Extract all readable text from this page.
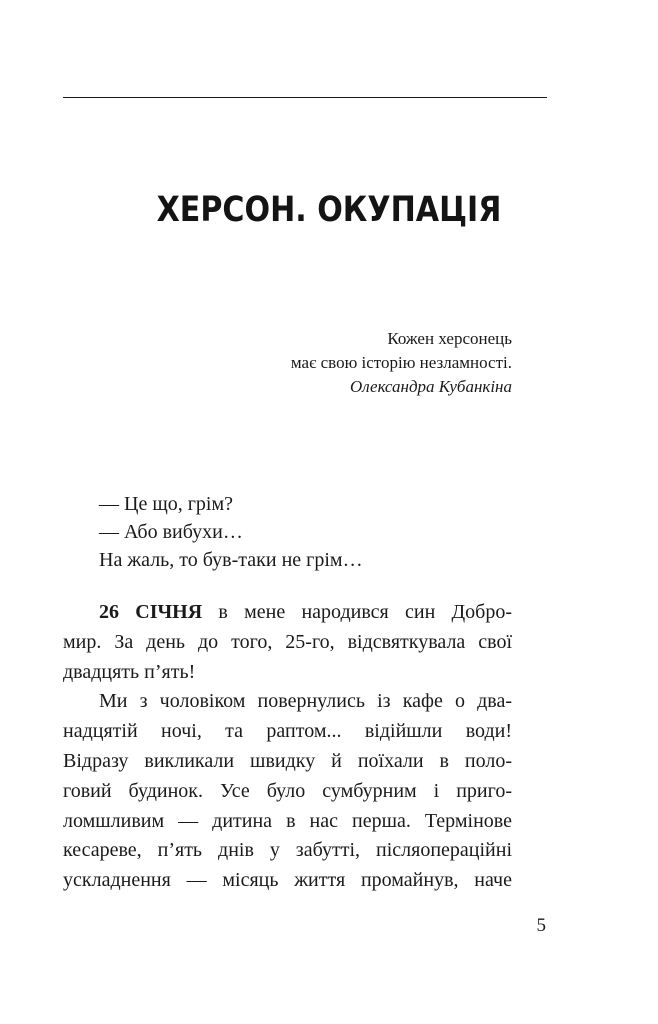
ХЕРСОН. ОКУПАЦІЯ
Кожен херсонець
має свою історію незламності.
Олександра Кубанкіна
— Це що, грім?
— Або вибухи…
На жаль, то був-таки не грім…
26 СІЧНЯ в мене народився син Добро-
мир. За день до того, 25-го, відсвяткувала свої
двадцять п’ять!
Ми з чоловіком повернулись із кафе о два-
надцятій ночі, та раптом... відійшли води!
Відразу викликали швидку й поїхали в поло-
говий будинок. Усе було сумбурним і приго-
ломшливим — дитина в нас перша. Термінове
кесареве, п’ять днів у забутті, післяопераційні
ускладнення — місяць життя промайнув, наче
5
